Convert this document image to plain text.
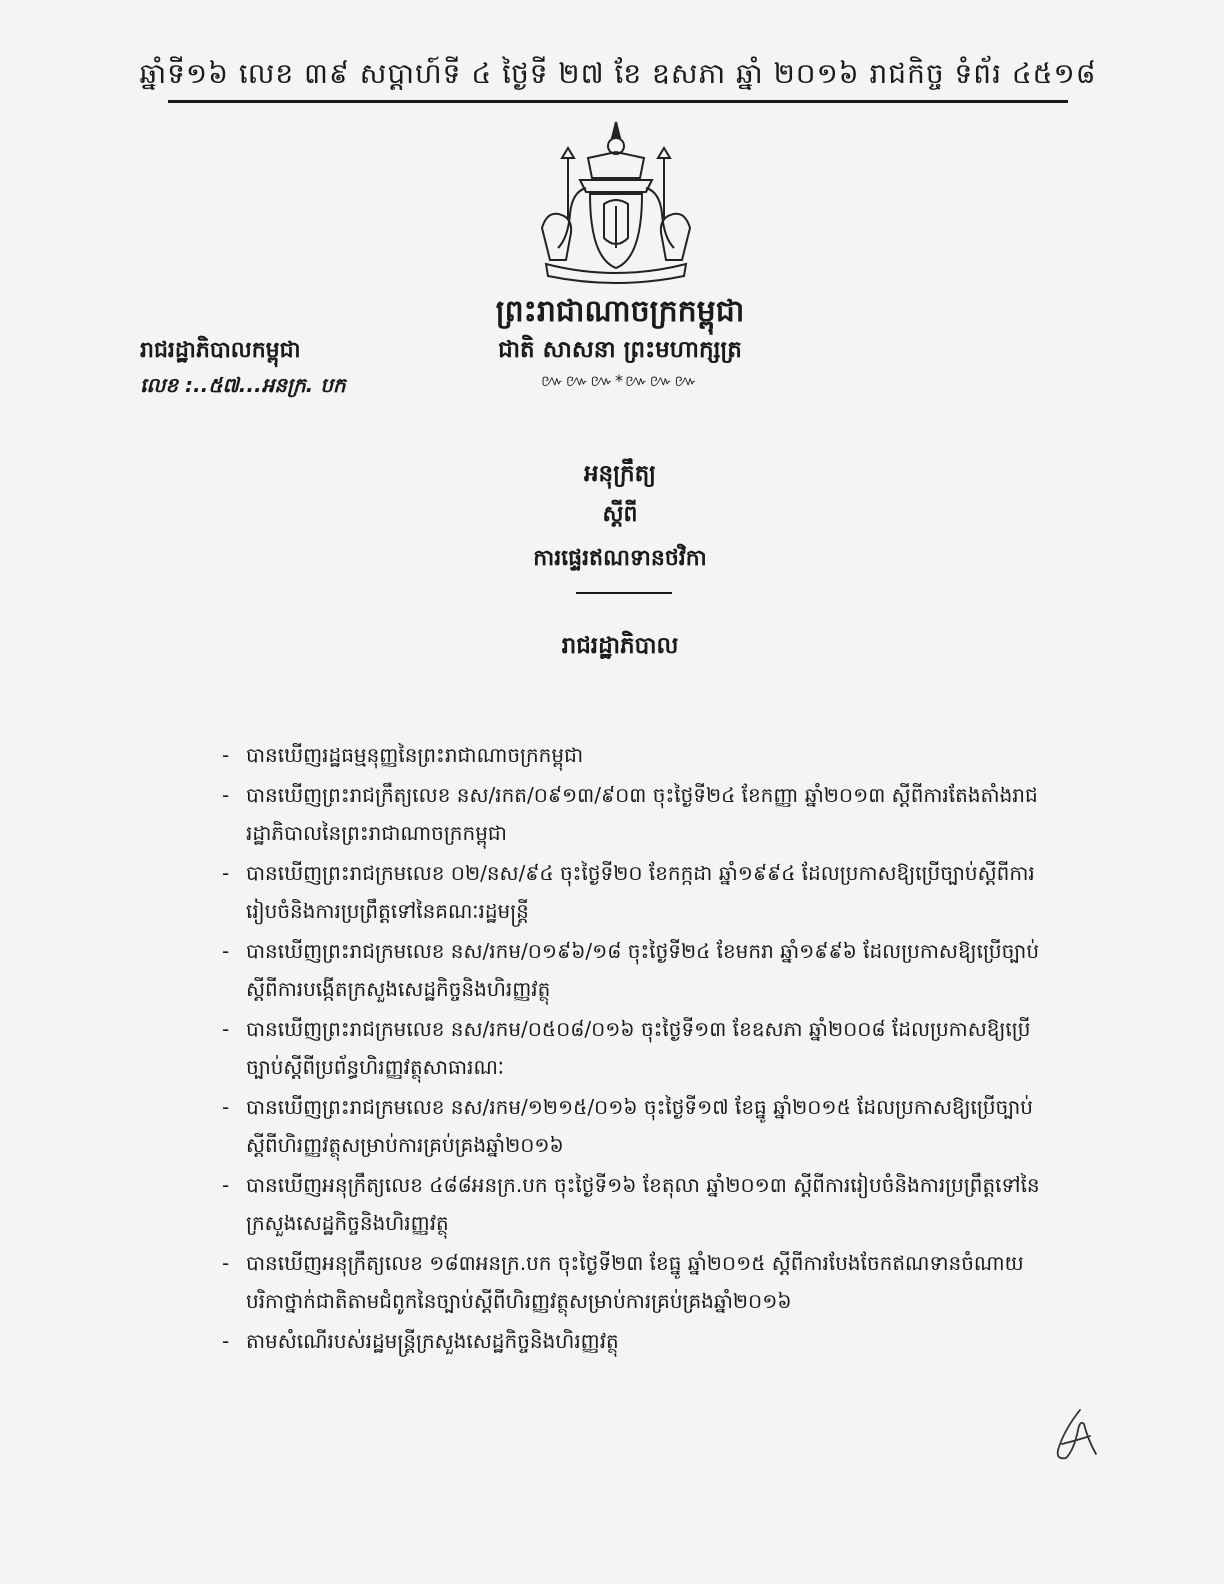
ឆ្នាំទី១៦ លេខ ៣៩ សប្តាហ៍ទី ៤ ថ្ងៃទី ២៧ ខែ ឧសភា ឆ្នាំ ២០១៦ រាជកិច្ច ទំព័រ ៤៥១៨
ព្រះរាជាណាចក្រកម្ពុជា
រាជរដ្ឋាភិបាលកម្ពុជា	ជាតិ សាសនា ព្រះមហាក្សត្រ
៚៚៚*៚៚៚
លេខ :..៥៧...អនក្រ. បក
អនុក្រឹត្យ
ស្តីពី
ការផ្ទេរឥណទានថវិកា
រាជរដ្ឋាភិបាល
- បានឃើញរដ្ឋធម្មនុញ្ញនៃព្រះរាជាណាចក្រកម្ពុជា
- បានឃើញព្រះរាជក្រឹត្យលេខ នស/រកត/០៩១៣/៩០៣ ចុះថ្ងៃទី២៤ ខែកញ្ញា ឆ្នាំ២០១៣ ស្តីពីការតែងតាំងរាជរដ្ឋាភិបាលនៃព្រះរាជាណាចក្រកម្ពុជា
- បានឃើញព្រះរាជក្រមលេខ ០២/នស/៩៤ ចុះថ្ងៃទី២០ ខែកក្កដា ឆ្នាំ១៩៩៤ ដែលប្រកាសឱ្យប្រើច្បាប់ស្តីពីការរៀបចំនិងការប្រព្រឹត្តទៅនៃគណៈរដ្ឋមន្ត្រី
- បានឃើញព្រះរាជក្រមលេខ នស/រកម/០១៩៦/១៨ ចុះថ្ងៃទី២៤ ខែមករា ឆ្នាំ១៩៩៦ ដែលប្រកាសឱ្យប្រើច្បាប់ស្តីពីការបង្កើតក្រសួងសេដ្ឋកិច្ចនិងហិរញ្ញវត្ថុ
- បានឃើញព្រះរាជក្រមលេខ នស/រកម/០៥០៨/០១៦ ចុះថ្ងៃទី១៣ ខែឧសភា ឆ្នាំ២០០៨ ដែលប្រកាសឱ្យប្រើច្បាប់ស្តីពីប្រព័ន្ធហិរញ្ញវត្ថុសាធារណៈ
- បានឃើញព្រះរាជក្រមលេខ នស/រកម/១២១៥/០១៦ ចុះថ្ងៃទី១៧ ខែធ្នូ ឆ្នាំ២០១៥ ដែលប្រកាសឱ្យប្រើច្បាប់ស្តីពីហិរញ្ញវត្ថុសម្រាប់ការគ្រប់គ្រងឆ្នាំ២០១៦
- បានឃើញអនុក្រឹត្យលេខ ៤៨៨អនក្រ.បក ចុះថ្ងៃទី១៦ ខែតុលា ឆ្នាំ២០១៣ ស្តីពីការរៀបចំនិងការប្រព្រឹត្តទៅនៃក្រសួងសេដ្ឋកិច្ចនិងហិរញ្ញវត្ថុ
- បានឃើញអនុក្រឹត្យលេខ ១៨៣អនក្រ.បក ចុះថ្ងៃទី២៣ ខែធ្នូ ឆ្នាំ២០១៥ ស្តីពីការបែងចែកឥណទានចំណាយបរិកាថ្នាក់ជាតិតាមជំពូកនៃច្បាប់ស្តីពីហិរញ្ញវត្ថុសម្រាប់ការគ្រប់គ្រងឆ្នាំ២០១៦
- តាមសំណើរបស់រដ្ឋមន្ត្រីក្រសួងសេដ្ឋកិច្ចនិងហិរញ្ញវត្ថុ
